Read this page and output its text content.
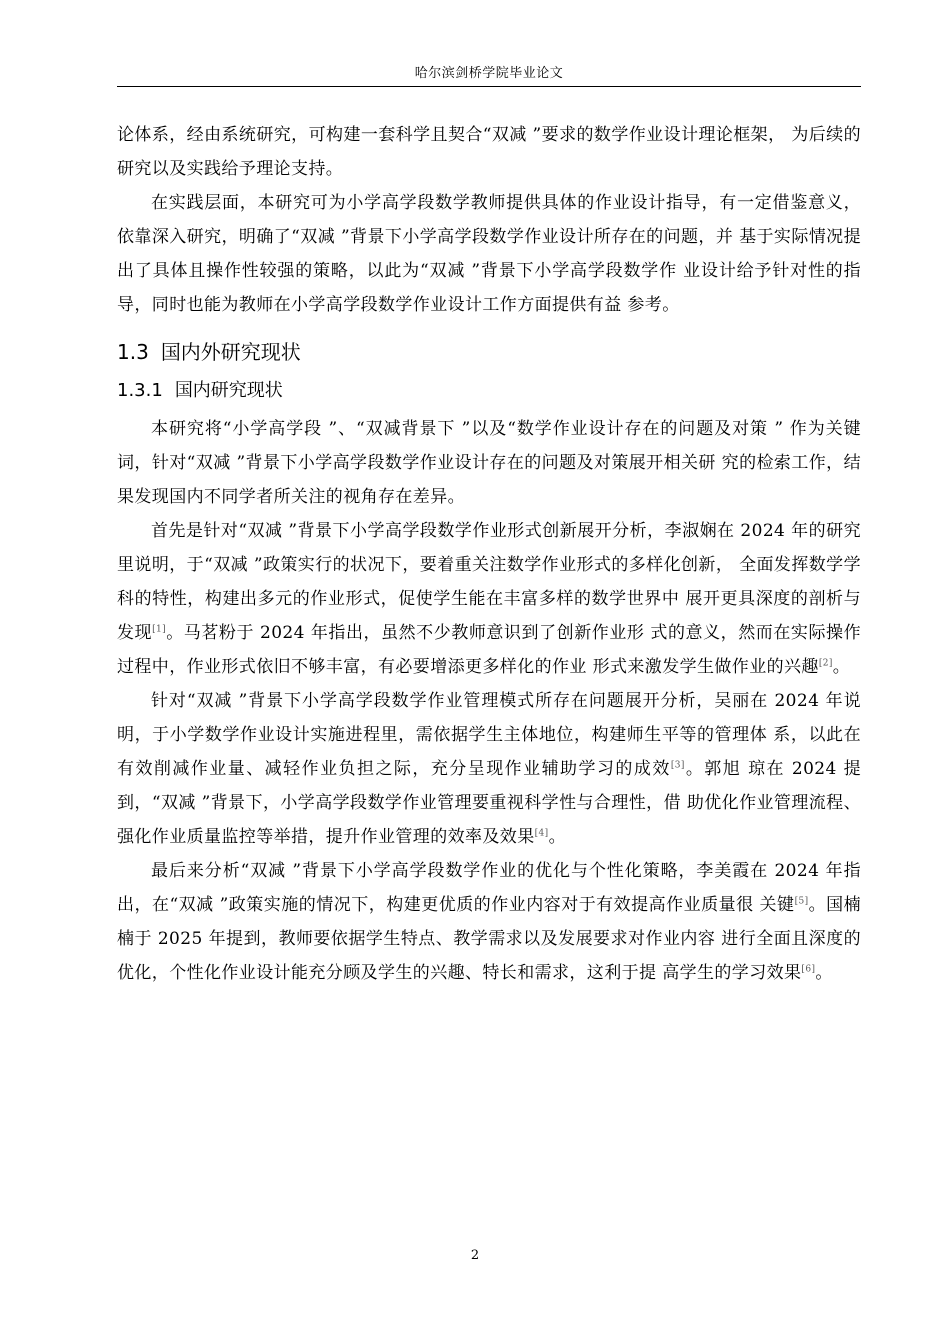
哈尔滨剑桥学院毕业论文

论体系，经由系统研究，可构建一套科学且契合“双减 ”要求的数学作业设计理论框架， 为后续的研究以及实践给予理论支持。

在实践层面，本研究可为小学高学段数学教师提供具体的作业设计指导，有一定借鉴意义，依靠深入研究，明确了“双减 ”背景下小学高学段数学作业设计所存在的问题，并 基于实际情况提出了具体且操作性较强的策略，以此为“双减 ”背景下小学高学段数学作 业设计给予针对性的指导，同时也能为教师在小学高学段数学作业设计工作方面提供有益 参考。

1.3 国内外研究现状
1.3.1 国内研究现状

本研究将“小学高学段 ”、“双减背景下 ”以及“数学作业设计存在的问题及对策 ” 作为关键词，针对“双减 ”背景下小学高学段数学作业设计存在的问题及对策展开相关研 究的检索工作，结果发现国内不同学者所关注的视角存在差异。

首先是针对“双减 ”背景下小学高学段数学作业形式创新展开分析，李淑娴在 2024 年的研究里说明，于“双减 ”政策实行的状况下，要着重关注数学作业形式的多样化创新， 全面发挥数学学科的特性，构建出多元的作业形式，促使学生能在丰富多样的数学世界中 展开更具深度的剖析与发现[1]。马茗粉于 2024 年指出，虽然不少教师意识到了创新作业形 式的意义，然而在实际操作过程中，作业形式依旧不够丰富，有必要增添更多样化的作业 形式来激发学生做作业的兴趣[2]。

针对“双减 ”背景下小学高学段数学作业管理模式所存在问题展开分析，吴丽在 2024 年说明，于小学数学作业设计实施进程里，需依据学生主体地位，构建师生平等的管理体 系，以此在有效削减作业量、减轻作业负担之际，充分呈现作业辅助学习的成效[3]。郭旭 琼在 2024 提到，“双减 ”背景下，小学高学段数学作业管理要重视科学性与合理性，借 助优化作业管理流程、强化作业质量监控等举措，提升作业管理的效率及效果[4]。

最后来分析“双减 ”背景下小学高学段数学作业的优化与个性化策略，李美霞在 2024 年指出，在“双减 ”政策实施的情况下，构建更优质的作业内容对于有效提高作业质量很 关键[5]。国楠楠于 2025 年提到，教师要依据学生特点、教学需求以及发展要求对作业内容 进行全面且深度的优化，个性化作业设计能充分顾及学生的兴趣、特长和需求，这利于提 高学生的学习效果[6]。

2
